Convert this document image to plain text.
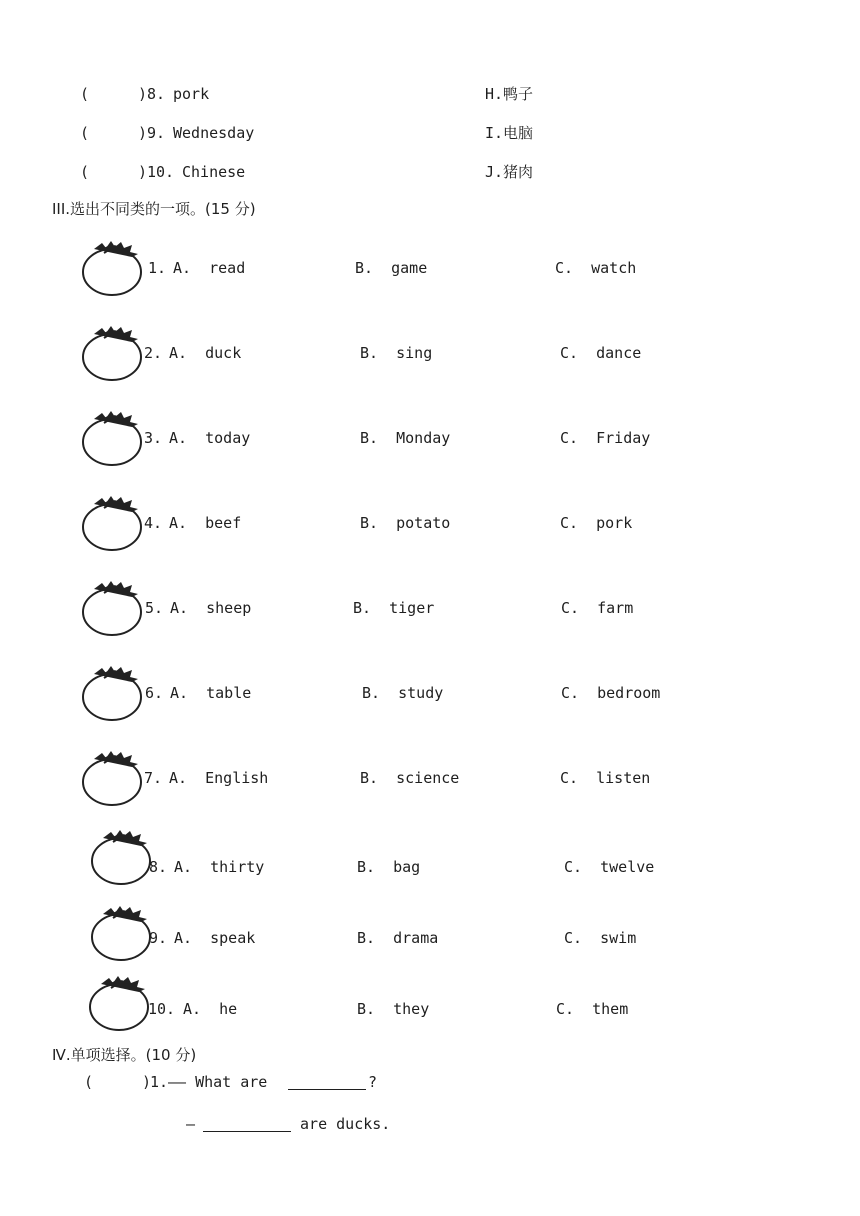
(	) 8. pork	H.鸭子
(	) 9. Wednesday	I.电脑
(	) 10. Chinese	J.猪肉
III.选出不同类的一项。(15 分)
1. A.  read	B.  game	C.  watch
2. A.  duck	B.  sing	C.  dance
3. A.  today	B.  Monday	C.  Friday
4. A.  beef	B.  potato	C.  pork
5. A.  sheep	B.  tiger	C.  farm
6. A.  table	B.  study	C.  bedroom
7. A.  English	B.  science	C.  listen
8. A.  thirty	B.  bag	C.  twelve
9. A.  speak	B.  drama	C.  swim
10. A.  he	B.  they	C.  them
Ⅳ.单项选择。(10 分)
(	)
1. —— What are	?
—	are ducks.
